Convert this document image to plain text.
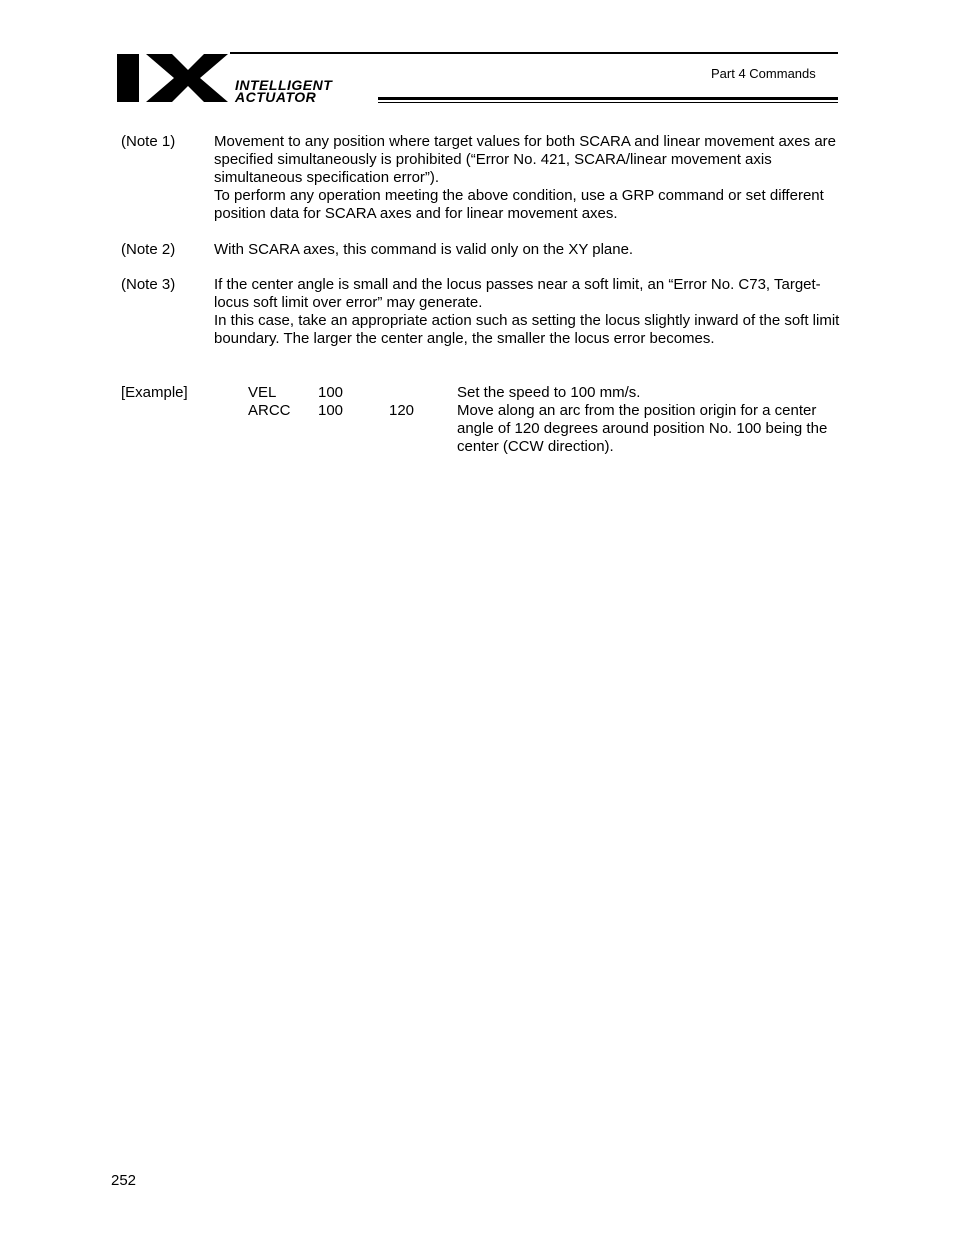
INTELLIGENT
ACTUATOR
Part 4 Commands
(Note 1)	Movement to any position where target values for both SCARA and linear movement axes are specified simultaneously is prohibited (“Error No. 421, SCARA/linear movement axis simultaneous specification error”).

To perform any operation meeting the above condition, use a GRP command or set different position data for SCARA axes and for linear movement axes.

(Note 2)	With SCARA axes, this command is valid only on the XY plane.

(Note 3)	If the center angle is small and the locus passes near a soft limit, an “Error No. C73, Target-locus soft limit over error” may generate.

In this case, take an appropriate action such as setting the locus slightly inward of the soft limit boundary. The larger the center angle, the smaller the locus error becomes.

[Example]	VEL	100	Set the speed to 100 mm/s.
ARCC 100	120	Move along an arc from the position origin for a center angle of 120 degrees around position No. 100 being the center (CCW direction).
252
